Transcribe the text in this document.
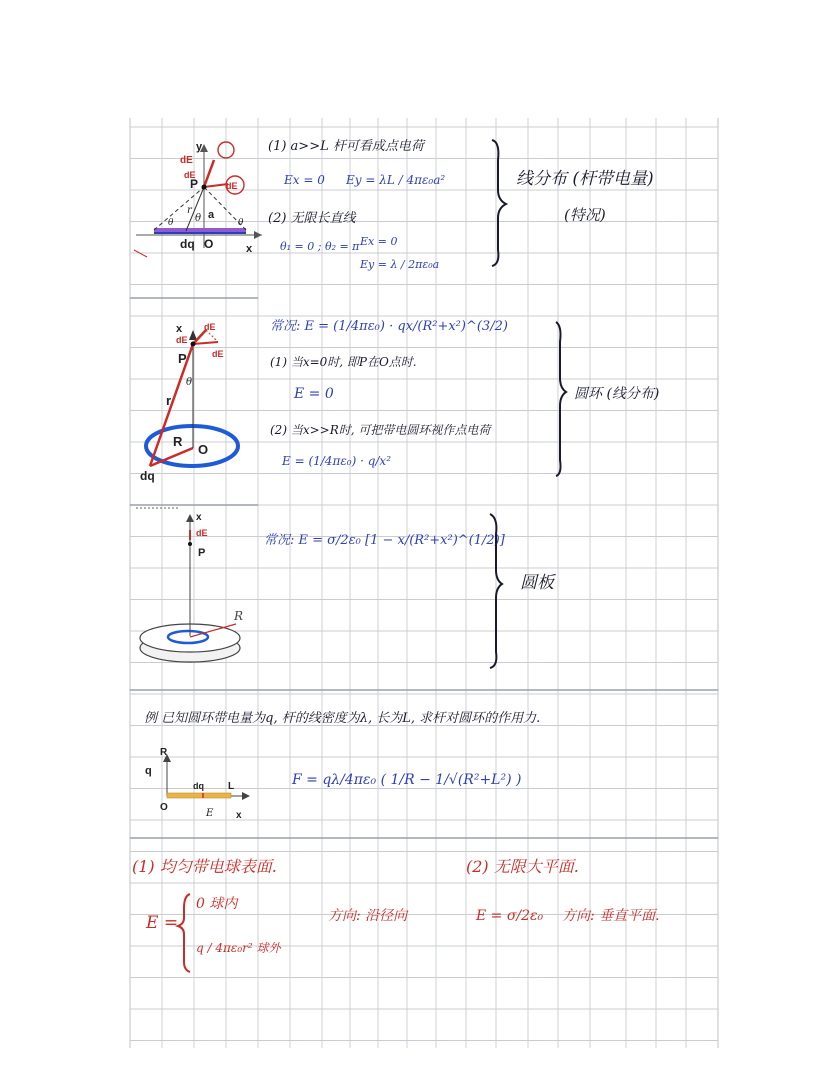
y
dE
dE
dE
P
r
θ
θ	θ
a
dq O	x
(1) a>>L 杆可看成点电荷
Ex = 0 Ey = λL / 4πε₀a²
(2) 无限长直线
θ₁ = 0 ; θ₂ = π Ex = 0
Ey = λ / 2πε₀a
线分布 (杆带电量)
(特况)
x dE
dE
dE
P
θ
r
R
O
dq
常况: E = (1/4πε₀) · qx/(R²+x²)^(3/2)
(1) 当x=0时, 即P在O点时.
E = 0
(2) 当x>>R时, 可把带电圆环视作点电荷
E = (1/4πε₀) · q/x²
圆环 (线分布)
x
dE
P
R
常况: E = σ/2ε₀ [1 − x/(R²+x²)^(1/2)]
圆板
例 已知圆环带电量为q, 杆的线密度为λ, 长为L, 求杆对圆环的作用力.
R
q
dq L
O
x
E
F = qλ/4πε₀ ( 1/R − 1/√(R²+L²) )
(1) 均匀带电球表面.
E =
0 球内
q / 4πε₀r² 球外
方向: 沿径向
(2) 无限大平面.
E = σ/2ε₀ 方向: 垂直平面.
